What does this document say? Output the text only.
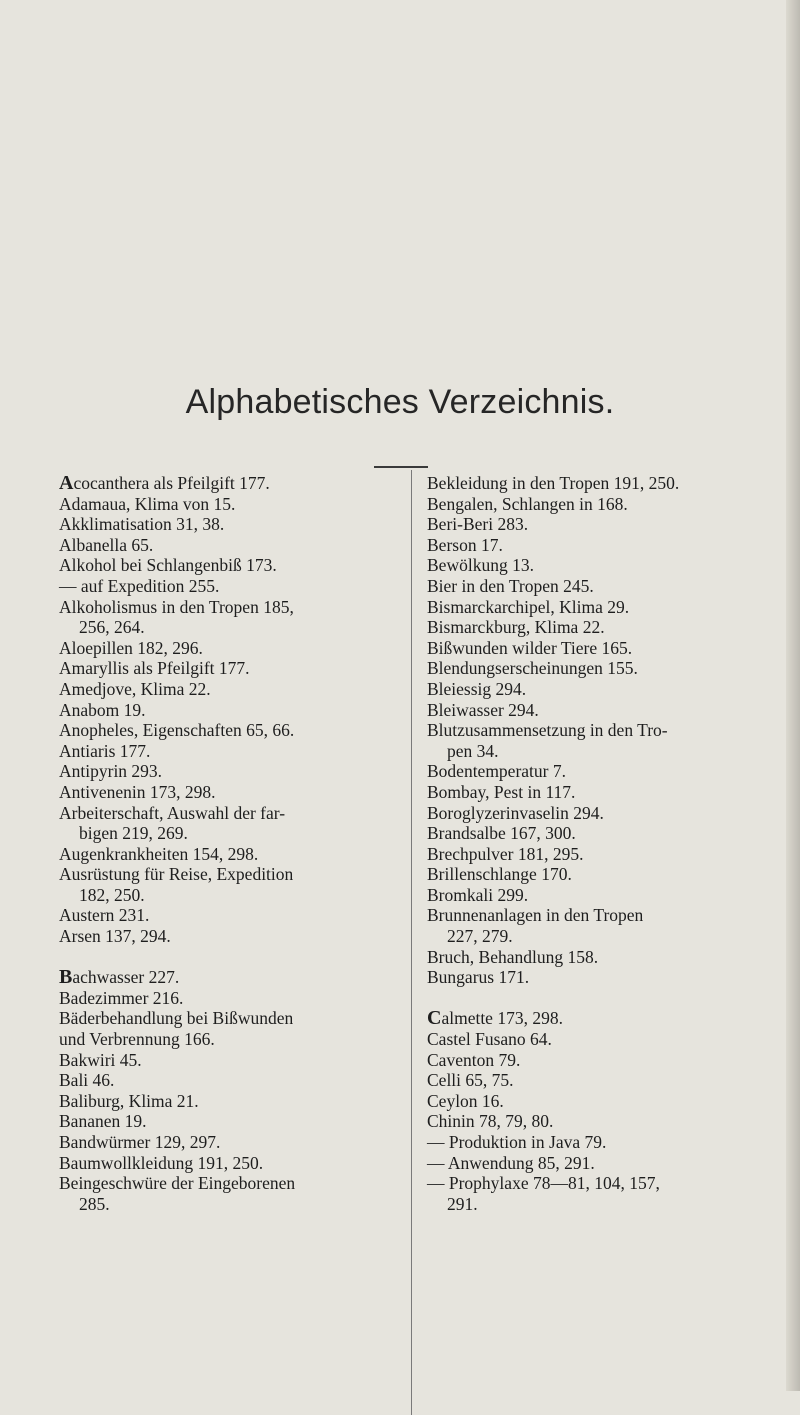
Alphabetisches Verzeichnis.
Acocanthera als Pfeilgift 177.
Adamaua, Klima von 15.
Akklimatisation 31, 38.
Albanella 65.
Alkohol bei Schlangenbiß 173.
— auf Expedition 255.
Alkoholismus in den Tropen 185,
256, 264.
Aloepillen 182, 296.
Amaryllis als Pfeilgift 177.
Amedjove, Klima 22.
Anabom 19.
Anopheles, Eigenschaften 65, 66.
Antiaris 177.
Antipyrin 293.
Antivenenin 173, 298.
Arbeiterschaft, Auswahl der far-
bigen 219, 269.
Augenkrankheiten 154, 298.
Ausrüstung für Reise, Expedition
182, 250.
Austern 231.
Arsen 137, 294.
Bachwasser 227.
Badezimmer 216.
Bäderbehandlung bei Bißwunden
und Verbrennung 166.
Bakwiri 45.
Bali 46.
Baliburg, Klima 21.
Bananen 19.
Bandwürmer 129, 297.
Baumwollkleidung 191, 250.
Beingeschwüre der Eingeborenen
285.
Bekleidung in den Tropen 191, 250.
Bengalen, Schlangen in 168.
Beri-Beri 283.
Berson 17.
Bewölkung 13.
Bier in den Tropen 245.
Bismarckarchipel, Klima 29.
Bismarckburg, Klima 22.
Bißwunden wilder Tiere 165.
Blendungserscheinungen 155.
Bleiessig 294.
Bleiwasser 294.
Blutzusammensetzung in den Tro-
pen 34.
Bodentemperatur 7.
Bombay, Pest in 117.
Boroglyzerinvaselin 294.
Brandsalbe 167, 300.
Brechpulver 181, 295.
Brillenschlange 170.
Bromkali 299.
Brunnenanlagen in den Tropen
227, 279.
Bruch, Behandlung 158.
Bungarus 171.
Calmette 173, 298.
Castel Fusano 64.
Caventon 79.
Celli 65, 75.
Ceylon 16.
Chinin 78, 79, 80.
— Produktion in Java 79.
— Anwendung 85, 291.
— Prophylaxe 78—81, 104, 157,
291.
